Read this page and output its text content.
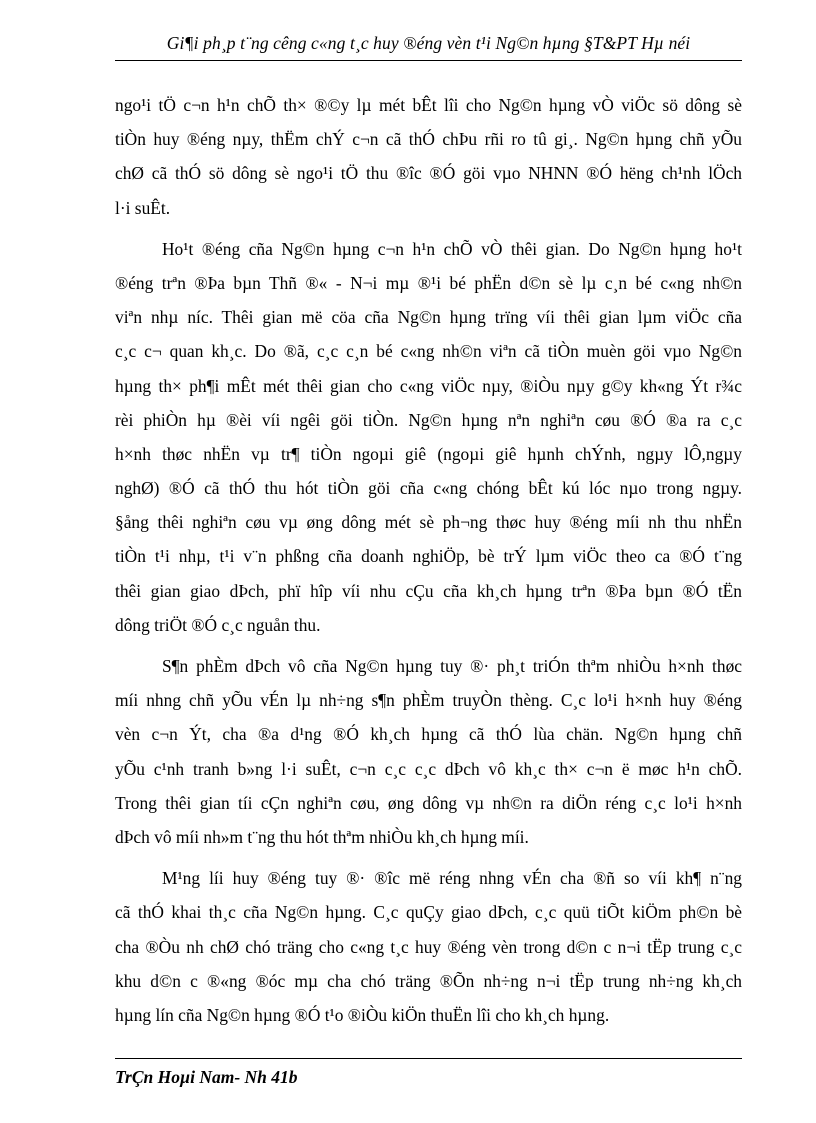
Gi¶i ph¸p t¨ng cêng c«ng t¸c huy ®éng vèn t¹i Ng©n hµng §T&PT Hµ néi
ngo¹i tÖ c¬n h¹n chÕ th× ®©y lµ mét bÊt lîi cho Ng©n hµng vÒ viÖc sö dông sè
tiÒn huy ®éng nµy, thËm chÝ c¬n cã thÓ chÞu rñi ro tû gi¸. Ng©n hµng chñ yÕu
chØ cã thÓ sö dông sè ngo¹i tÖ thu ®îc ®Ó göi vµo NHNN ®Ó hëng ch¹nh lÖch
l·i suÊt.
Ho¹t ®éng cña Ng©n hµng c¬n h¹n chÕ vÒ thêi gian. Do Ng©n hµng ho¹t
®éng trªn ®Þa bµn Thñ ®« - N¬i mµ ®¹i bé phËn d©n sè lµ c¸n bé c«ng nh©n
viªn nhµ níc. Thêi gian më cöa cña Ng©n hµng trïng víi thêi gian lµm viÖc cña
c¸c c¬ quan kh¸c. Do ®ã, c¸c c¸n bé c«ng nh©n viªn cã tiÒn muèn göi vµo Ng©n
hµng th× ph¶i mÊt mét thêi gian cho c«ng viÖc nµy, ®iÒu nµy g©y kh«ng Ýt r¾c
rèi phiÒn hµ ®èi víi ngêi göi tiÒn. Ng©n hµng nªn nghiªn cøu ®Ó ®a ra c¸c
h×nh thøc nhËn vµ tr¶ tiÒn ngoµi giê (ngoµi giê hµnh chÝnh, ngµy lÔ,ngµy
nghØ) ®Ó cã thÓ thu hót tiÒn göi cña c«ng chóng bÊt kú lóc nµo trong ngµy.
§ång thêi nghiªn cøu vµ øng dông mét sè ph¬ng thøc huy ®éng míi nh thu nhËn
tiÒn t¹i nhµ, t¹i v¨n phßng cña doanh nghiÖp, bè trÝ lµm viÖc theo ca ®Ó t¨ng
thêi gian giao dÞch, phï hîp víi nhu cÇu cña kh¸ch hµng trªn ®Þa bµn ®Ó tËn
dông triÖt ®Ó c¸c nguån thu.
S¶n phÈm dÞch vô cña Ng©n hµng tuy ®· ph¸t triÓn thªm nhiÒu h×nh thøc
míi nhng chñ yÕu vÉn lµ nh÷ng s¶n phÈm truyÒn thèng. C¸c lo¹i h×nh huy ®éng
vèn c¬n Ýt, cha ®a d¹ng ®Ó kh¸ch hµng cã thÓ lùa chän. Ng©n hµng chñ
yÕu c¹nh tranh b»ng l·i suÊt, c¬n c¸c c¸c dÞch vô kh¸c th× c¬n ë møc h¹n chÕ.
Trong thêi gian tíi cÇn nghiªn cøu, øng dông vµ nh©n ra diÖn réng c¸c lo¹i h×nh
dÞch vô míi nh»m t¨ng thu hót thªm nhiÒu kh¸ch hµng míi.
M¹ng líi huy ®éng tuy ®· ®îc më réng nhng vÉn cha ®ñ so víi kh¶ n¨ng
cã thÓ khai th¸c cña Ng©n hµng. C¸c quÇy giao dÞch, c¸c quü tiÕt kiÖm ph©n bè
cha ®Òu nh chØ chó träng cho c«ng t¸c huy ®éng vèn trong d©n c n¬i tËp trung c¸c
khu d©n c ®«ng ®óc mµ cha chó träng ®Õn nh÷ng n¬i tËp trung nh÷ng kh¸ch
hµng lín cña Ng©n hµng ®Ó t¹o ®iÒu kiÖn thuËn lîi cho kh¸ch hµng.
TrÇn Hoµi Nam- Nh 41b
